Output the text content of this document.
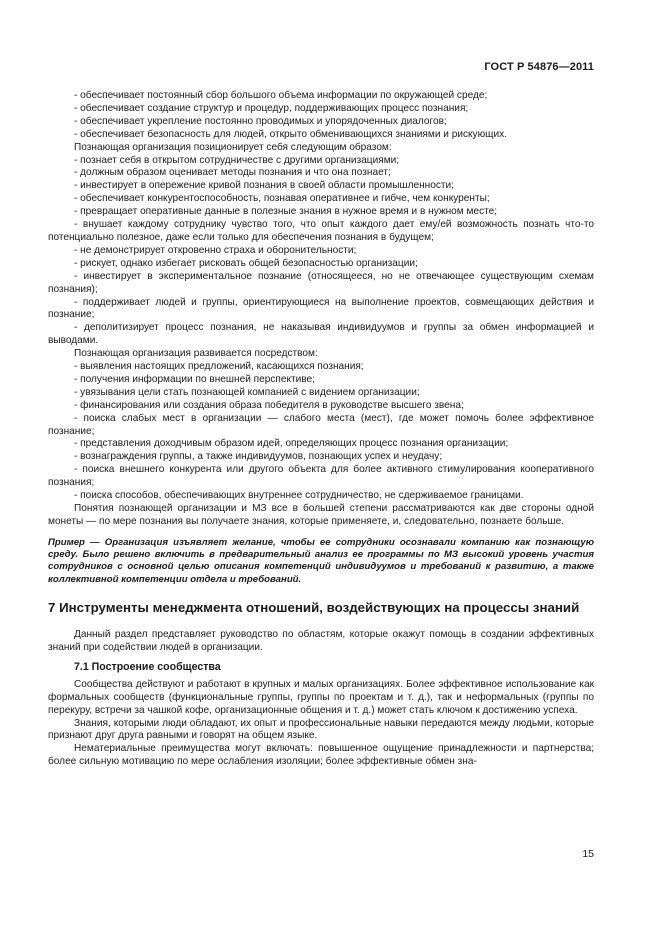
ГОСТ Р 54876—2011

- обеспечивает постоянный сбор большого объема информации по окружающей среде;

- обеспечивает создание структур и процедур, поддерживающих процесс познания;

- обеспечивает укрепление постоянно проводимых и упорядоченных диалогов;

- обеспечивает безопасность для людей, открыто обменивающихся знаниями и рискующих.

Познающая организация позиционирует себя следующим образом:

- познает себя в открытом сотрудничестве с другими организациями;

- должным образом оценивает методы познания и что она познает;

- инвестирует в опережение кривой познания в своей области промышленности;

- обеспечивает конкурентоспособность, познавая оперативнее и гибче, чем конкуренты;

- превращает оперативные данные в полезные знания в нужное время и в нужном месте;

- внушает каждому сотруднику чувство того, что опыт каждого дает ему/ей возможность познать что-то потенциально полезное, даже если только для обеспечения познания в будущем;

- не демонстрирует откровенно страха и оборонительности;

- рискует, однако избегает рисковать общей безопасностью организации;

- инвестирует в экспериментальное познание (относящееся, но не отвечающее существующим схемам познания);

- поддерживает людей и группы, ориентирующиеся на выполнение проектов, совмещающих действия и познание;

- деполитизирует процесс познания, не наказывая индивидуумов и группы за обмен информацией и выводами.

Познающая организация развивается посредством:

- выявления настоящих предложений, касающихся познания;

- получения информации по внешней перспективе;

- увязывания цели стать познающей компанией с видением организации;

- финансирования или создания образа победителя в руководстве высшего звена;

- поиска слабых мест в организации — слабого места (мест), где может помочь более эффективное познание;

- представления доходчивым образом идей, определяющих процесс познания организации;

- вознаграждения группы, а также индивидуумов, познающих успех и неудачу;

- поиска внешнего конкурента или другого объекта для более активного стимулирования кооперативного познания;

- поиска способов, обеспечивающих внутреннее сотрудничество, не сдерживаемое границами.

Понятия познающей организации и МЗ все в большей степени рассматриваются как две стороны одной монеты — по мере познания вы получаете знания, которые применяете, и, следовательно, познаете больше.

Пример — Организация изъявляет желание, чтобы ее сотрудники осознавали компанию как познающую среду. Было решено включить в предварительный анализ ее программы по МЗ высокий уровень участия сотрудников с основной целью описания компетенций индивидуумов и требований к развитию, а также коллективной компетенции отдела и требований.

7 Инструменты менеджмента отношений, воздействующих на процессы знаний

Данный раздел представляет руководство по областям, которые окажут помощь в создании эффективных знаний при содействии людей в организации.

7.1 Построение сообщества

Сообщества действуют и работают в крупных и малых организациях. Более эффективное использование как формальных сообществ (функциональные группы, группы по проектам и т. д.), так и неформальных (группы по перекуру, встречи за чашкой кофе, организационные общения и т. д.) может стать ключом к достижению успеха.

Знания, которыми люди обладают, их опыт и профессиональные навыки передаются между людьми, которые признают друг друга равными и говорят на общем языке.

Нематериальные преимущества могут включать: повышенное ощущение принадлежности и партнерства; более сильную мотивацию по мере ослабления изоляции; более эффективные обмен зна-

15
